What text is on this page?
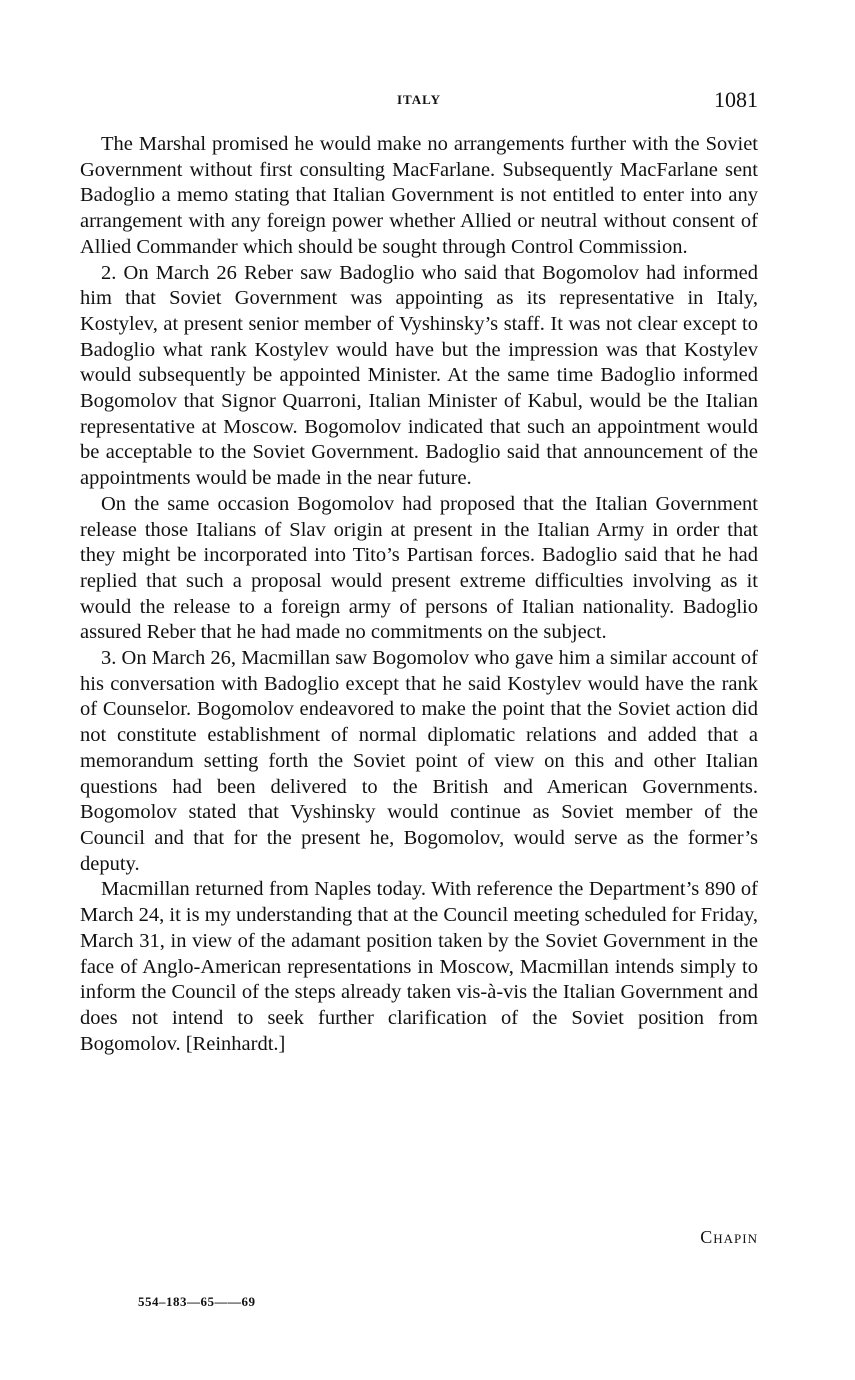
ITALY	1081

The Marshal promised he would make no arrangements further with the Soviet Government without first consulting MacFarlane. Subsequently MacFarlane sent Badoglio a memo stating that Italian Government is not entitled to enter into any arrangement with any foreign power whether Allied or neutral without consent of Allied Commander which should be sought through Control Commission.

2. On March 26 Reber saw Badoglio who said that Bogomolov had informed him that Soviet Government was appointing as its representative in Italy, Kostylev, at present senior member of Vyshinsky’s staff. It was not clear except to Badoglio what rank Kostylev would have but the impression was that Kostylev would subsequently be appointed Minister. At the same time Badoglio informed Bogomolov that Signor Quarroni, Italian Minister of Kabul, would be the Italian representative at Moscow. Bogomolov indicated that such an appointment would be acceptable to the Soviet Government. Badoglio said that announcement of the appointments would be made in the near future.

On the same occasion Bogomolov had proposed that the Italian Government release those Italians of Slav origin at present in the Italian Army in order that they might be incorporated into Tito’s Partisan forces. Badoglio said that he had replied that such a proposal would present extreme difficulties involving as it would the release to a foreign army of persons of Italian nationality. Badoglio assured Reber that he had made no commitments on the subject.

3. On March 26, Macmillan saw Bogomolov who gave him a similar account of his conversation with Badoglio except that he said Kostylev would have the rank of Counselor. Bogomolov endeavored to make the point that the Soviet action did not constitute establishment of normal diplomatic relations and added that a memorandum setting forth the Soviet point of view on this and other Italian questions had been delivered to the British and American Governments. Bogomolov stated that Vyshinsky would continue as Soviet member of the Council and that for the present he, Bogomolov, would serve as the former’s deputy.

Macmillan returned from Naples today. With reference the Department’s 890 of March 24, it is my understanding that at the Council meeting scheduled for Friday, March 31, in view of the adamant position taken by the Soviet Government in the face of Anglo-American representations in Moscow, Macmillan intends simply to inform the Council of the steps already taken vis-à-vis the Italian Government and does not intend to seek further clarification of the Soviet position from Bogomolov. [Reinhardt.]

Chapin
554–183—65——69
